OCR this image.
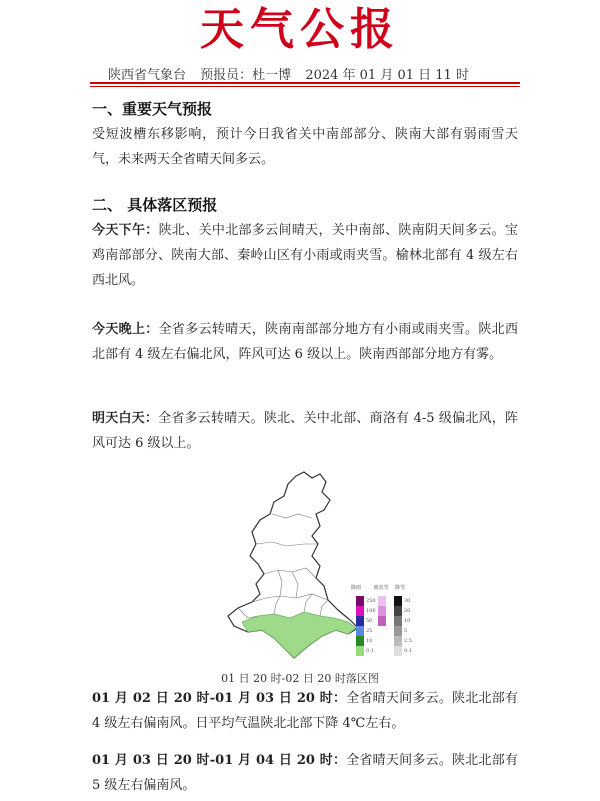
天气公报
陕西省气象台 预报员：杜一博 2024 年 01 月 01 日 11 时
一、重要天气预报
受短波槽东移影响，预计今日我省关中南部部分、陕南大部有弱雨雪天气，未来两天全省晴天间多云。
二、 具体落区预报
今天下午：陕北、关中北部多云间晴天，关中南部、陕南阴天间多云。宝鸡南部部分、陕南大部、秦岭山区有小雨或雨夹雪。榆林北部有 4 级左右西北风。
今天晚上：全省多云转晴天，陕南南部部分地方有小雨或雨夹雪。陕北西北部有 4 级左右偏北风，阵风可达 6 级以上。陕南西部部分地方有雾。
明天白天：全省多云转晴天。陕北、关中北部、商洛有 4-5 级偏北风，阵风可达 6 级以上。
降雨	雨夹雪	降雪
250
100
50
25
10
0.1
30
20
10
5
2.5
0.1
01 日 20 时-02 日 20 时落区图
01 月 02 日 20 时-01 月 03 日 20 时：全省晴天间多云。陕北北部有 4 级左右偏南风。日平均气温陕北北部下降 4℃左右。
01 月 03 日 20 时-01 月 04 日 20 时：全省晴天间多云。陕北北部有 5 级左右偏南风。
